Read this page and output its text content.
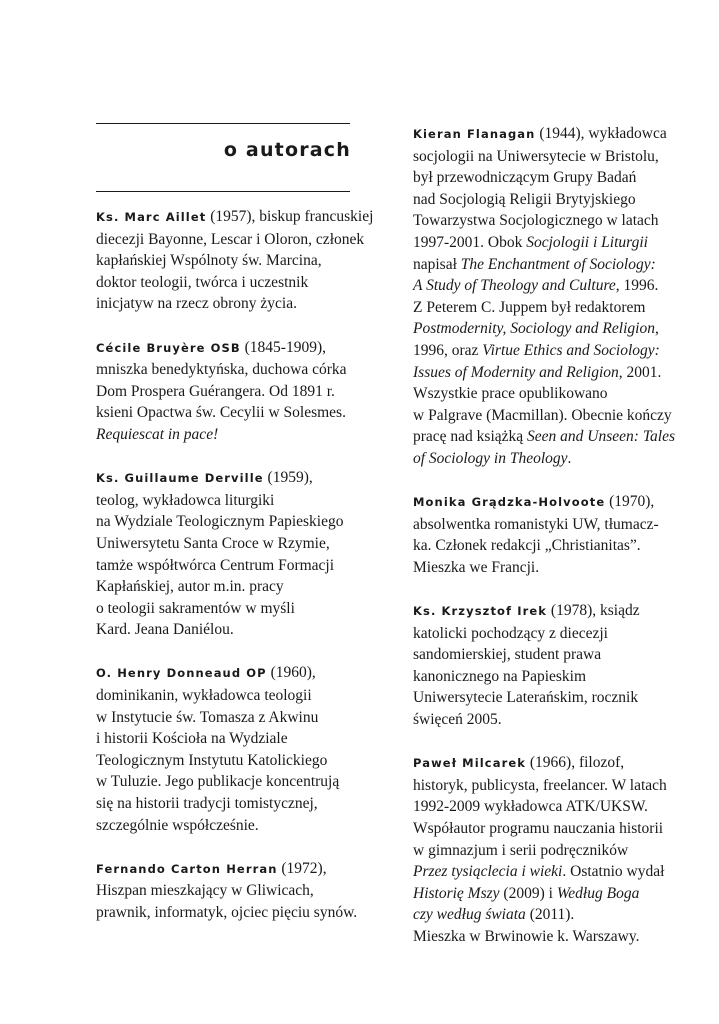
o autorach
Ks. Marc Aillet (1957), biskup francuskiej
diecezji Bayonne, Lescar i Oloron, członek
kapłańskiej Wspólnoty św. Marcina,
doktor teologii, twórca i uczestnik
inicjatyw na rzecz obrony życia.
Cécile Bruyère OSB (1845-1909),
mniszka benedyktyńska, duchowa córka
Dom Prospera Guérangera. Od 1891 r.
ksieni Opactwa św. Cecylii w Solesmes.
Requiescat in pace!
Ks. Guillaume Derville (1959),
teolog, wykładowca liturgiki
na Wydziale Teologicznym Papieskiego
Uniwersytetu Santa Croce w Rzymie,
tamże współtwórca Centrum Formacji
Kapłańskiej, autor m.in. pracy
o teologii sakramentów w myśli
Kard. Jeana Daniélou.
O. Henry Donneaud OP (1960),
dominikanin, wykładowca teologii
w Instytucie św. Tomasza z Akwinu
i historii Kościoła na Wydziale
Teologicznym Instytutu Katolickiego
w Tuluzie. Jego publikacje koncentrują
się na historii tradycji tomistycznej,
szczególnie współcześnie.
Fernando Carton Herran (1972),
Hiszpan mieszkający w Gliwicach,
prawnik, informatyk, ojciec pięciu synów.
Kieran Flanagan (1944), wykładowca
socjologii na Uniwersytecie w Bristolu,
był przewodniczącym Grupy Badań
nad Socjologią Religii Brytyjskiego
Towarzystwa Socjologicznego w latach
1997-2001. Obok Socjologii i Liturgii
napisał The Enchantment of Sociology:
A Study of Theology and Culture, 1996.
Z Peterem C. Juppem był redaktorem
Postmodernity, Sociology and Religion,
1996, oraz Virtue Ethics and Sociology:
Issues of Modernity and Religion, 2001.
Wszystkie prace opublikowano
w Palgrave (Macmillan). Obecnie kończy
pracę nad książką Seen and Unseen: Tales
of Sociology in Theology.
Monika Grądzka-Holvoote (1970),
absolwentka romanistyki UW, tłumacz-
ka. Członek redakcji „Christianitas”.
Mieszka we Francji.
Ks. Krzysztof Irek (1978), ksiądz
katolicki pochodzący z diecezji
sandomierskiej, student prawa
kanonicznego na Papieskim
Uniwersytecie Laterańskim, rocznik
święceń 2005.
Paweł Milcarek (1966), filozof,
historyk, publicysta, freelancer. W latach
1992-2009 wykładowca ATK/UKSW.
Współautor programu nauczania historii
w gimnazjum i serii podręczników
Przez tysiąclecia i wieki. Ostatnio wydał
Historię Mszy (2009) i Według Boga
czy według świata (2011).
Mieszka w Brwinowie k. Warszawy.
